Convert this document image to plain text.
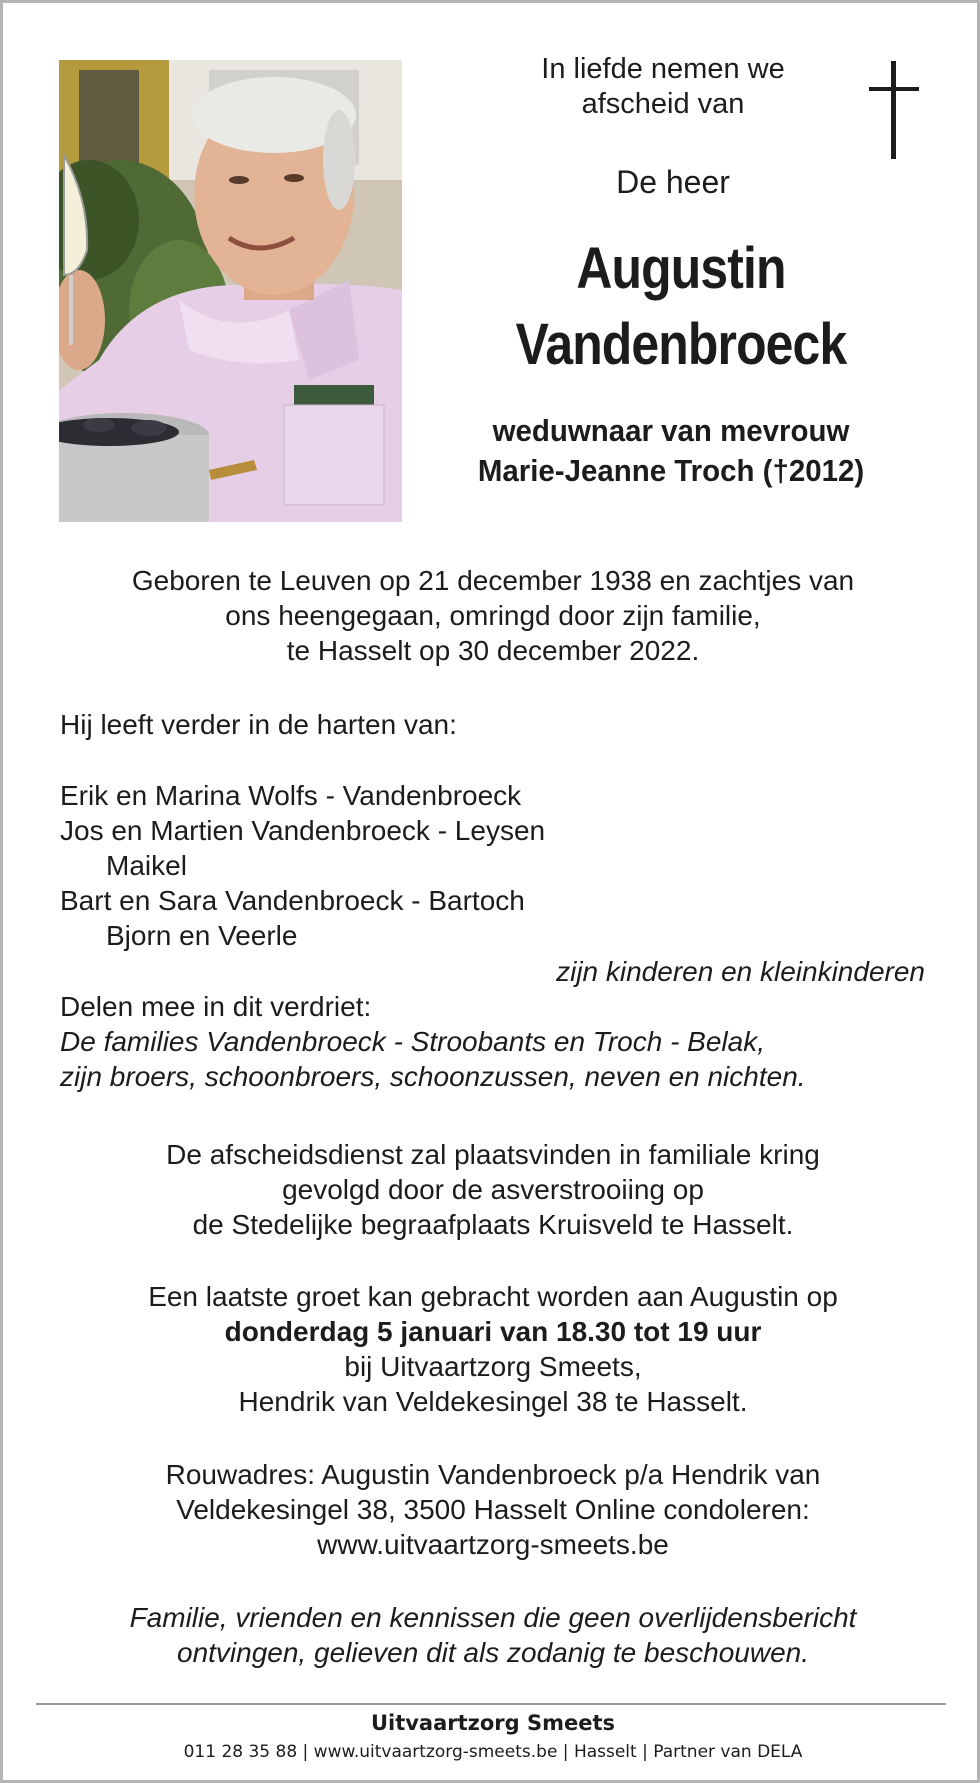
In liefde nemen we
afscheid van
De heer
Augustin
Vandenbroeck
weduwnaar van mevrouw
Marie-Jeanne Troch (†2012)
Geboren te Leuven op 21 december 1938 en zachtjes van
ons heengegaan, omringd door zijn familie,
te Hasselt op 30 december 2022.
Hij leeft verder in de harten van:
Erik en Marina Wolfs - Vandenbroeck
Jos en Martien Vandenbroeck - Leysen
Maikel
Bart en Sara Vandenbroeck - Bartoch
Bjorn en Veerle
zijn kinderen en kleinkinderen
Delen mee in dit verdriet:
De families Vandenbroeck - Stroobants en Troch - Belak,
zijn broers, schoonbroers, schoonzussen, neven en nichten.
De afscheidsdienst zal plaatsvinden in familiale kring
gevolgd door de asverstrooiing op
de Stedelijke begraafplaats Kruisveld te Hasselt.
Een laatste groet kan gebracht worden aan Augustin op
donderdag 5 januari van 18.30 tot 19 uur
bij Uitvaartzorg Smeets,
Hendrik van Veldekesingel 38 te Hasselt.
Rouwadres: Augustin Vandenbroeck p/a Hendrik van
Veldekesingel 38, 3500 Hasselt Online condoleren:
www.uitvaartzorg-smeets.be
Familie, vrienden en kennissen die geen overlijdensbericht
ontvingen, gelieven dit als zodanig te beschouwen.
Uitvaartzorg Smeets
011 28 35 88 | www.uitvaartzorg-smeets.be | Hasselt | Partner van DELA
